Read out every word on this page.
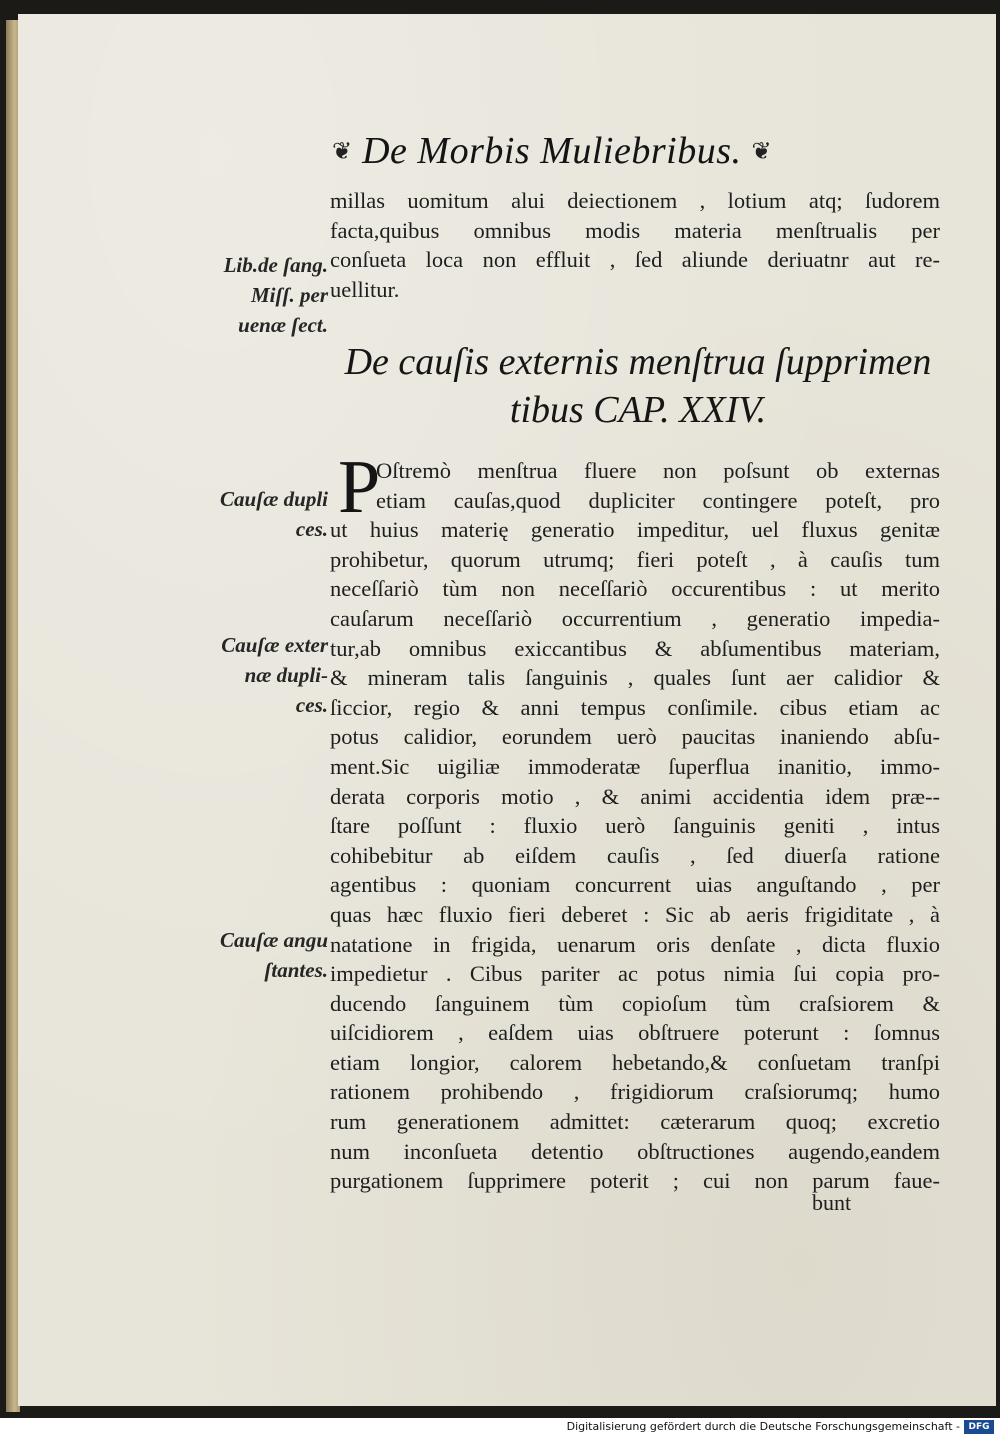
❦ De Morbis Muliebribus. ❦
Lib.de ſang.
Miſſ. per
uenæ ſect.
Cauſæ dupli
ces.
Cauſæ exter
næ dupli-
ces.
Cauſæ angu
ſtantes.
millas uomitum alui deiectionem , lotium atq; ſudorem
facta,quibus omnibus modis materia menſtrualis per
conſueta loca non effluit , ſed aliunde deriuatnr aut re-
uellitur.
De cauſis externis menſtrua ſupprimen
tibus CAP. XXIV.
P
Oſtremò menſtrua fluere non poſsunt ob externas
etiam cauſas,quod dupliciter contingere poteſt, pro
ut huius materię generatio impeditur, uel fluxus genitæ
prohibetur, quorum utrumq; fieri poteſt , à cauſis tum
neceſſariò tùm non neceſſariò occurentibus : ut merito
cauſarum neceſſariò occurrentium , generatio impedia-
tur,ab omnibus exiccantibus & abſumentibus materiam,
& mineram talis ſanguinis , quales ſunt aer calidior &
ſiccior, regio & anni tempus conſimile. cibus etiam ac
potus calidior, eorundem uerò paucitas inaniendo abſu-
ment.Sic uigiliæ immoderatæ ſuperflua inanitio, immo-
derata corporis motio , & animi accidentia idem præ--
ſtare poſſunt : fluxio uerò ſanguinis geniti , intus
cohibebitur ab eiſdem cauſis , ſed diuerſa ratione
agentibus : quoniam concurrent uias anguſtando , per
quas hæc fluxio fieri deberet : Sic ab aeris frigiditate , à
natatione in frigida, uenarum oris denſate , dicta fluxio
impedietur . Cibus pariter ac potus nimia ſui copia pro-
ducendo ſanguinem tùm copioſum tùm craſsiorem &
uiſcidiorem , eaſdem uias obſtruere poterunt : ſomnus
etiam longior, calorem hebetando,& conſuetam tranſpi
rationem prohibendo , frigidiorum craſsiorumq; humo
rum generationem admittet: cæterarum quoq; excretio
num inconſueta detentio obſtructiones augendo,eandem
purgationem ſupprimere poterit ; cui non parum faue-
bunt
Digitalisierung gefördert durch die Deutsche Forschungsgemeinschaft - DFG
